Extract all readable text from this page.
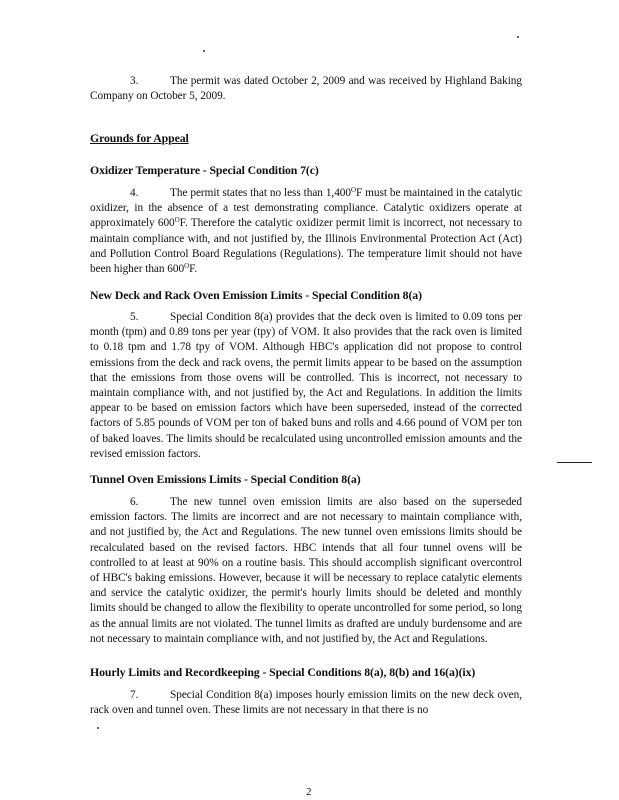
3.	The permit was dated October 2, 2009 and was received by Highland Baking Company on October 5, 2009.

Grounds for Appeal

Oxidizer Temperature - Special Condition 7(c)

4.	The permit states that no less than $1,400^OF$ must be maintained in the catalytic oxidizer, in the absence of a test demonstrating compliance. Catalytic oxidizers operate at approximately $600^OF$. Therefore the catalytic oxidizer permit limit is incorrect, not necessary to maintain compliance with, and not justified by, the Illinois Environmental Protection Act (Act) and Pollution Control Board Regulations (Regulations). The temperature limit should not have been higher than $600^OF$.

New Deck and Rack Oven Emission Limits - Special Condition 8(a)

5.	Special Condition 8(a) provides that the deck oven is limited to 0.09 tons per month (tpm) and 0.89 tons per year (tpy) of VOM. It also provides that the rack oven is limited to 0.18 tpm and 1.78 tpy of VOM. Although HBC's application did not propose to control emissions from the deck and rack ovens, the permit limits appear to be based on the assumption that the emissions from those ovens will be controlled. This is incorrect, not necessary to maintain compliance with, and not justified by, the Act and Regulations. In addition the limits appear to be based on emission factors which have been superseded, instead of the corrected factors of 5.85 pounds of VOM per ton of baked buns and rolls and 4.66 pound of VOM per ton of baked loaves. The limits should be recalculated using uncontrolled emission amounts and the revised emission factors.

Tunnel Oven Emissions Limits - Special Condition 8(a)

6.	The new tunnel oven emission limits are also based on the superseded emission factors. The limits are incorrect and are not necessary to maintain compliance with, and not justified by, the Act and Regulations. The new tunnel oven emissions limits should be recalculated based on the revised factors. HBC intends that all four tunnel ovens will be controlled to at least at 90% on a routine basis. This should accomplish significant overcontrol of HBC's baking emissions. However, because it will be necessary to replace catalytic elements and service the catalytic oxidizer, the permit's hourly limits should be deleted and monthly limits should be changed to allow the flexibility to operate uncontrolled for some period, so long as the annual limits are not violated. The tunnel limits as drafted are unduly burdensome and are not necessary to maintain compliance with, and not justified by, the Act and Regulations.

Hourly Limits and Recordkeeping - Special Conditions 8(a), 8(b) and 16(a)(ix)

7.	Special Condition 8(a) imposes hourly emission limits on the new deck oven, rack oven and tunnel oven. These limits are not necessary in that there is no

2
